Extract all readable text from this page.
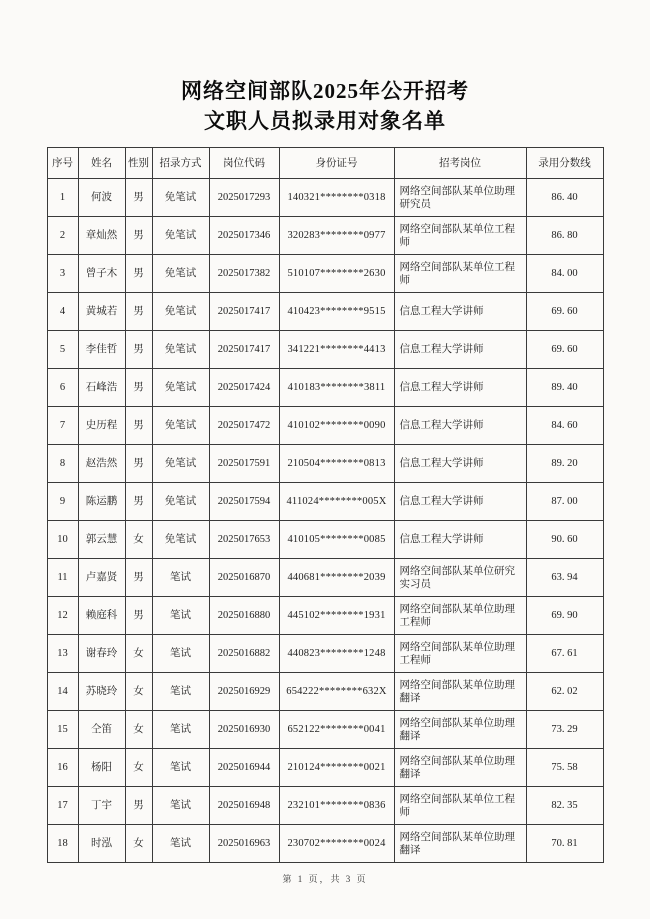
网络空间部队2025年公开招考
文职人员拟录用对象名单
序号	姓名	性别	招录方式	岗位代码	身份证号	招考岗位	录用分数线
1	何波	男	免笔试	2025017293	140321********0318	网络空间部队某单位助理研究员	86. 40
2	章灿然	男	免笔试	2025017346	320283********0977	网络空间部队某单位工程师	86. 80
3	曾子木	男	免笔试	2025017382	510107********2630	网络空间部队某单位工程师	84. 00
4	黄城若	男	免笔试	2025017417	410423********9515	信息工程大学讲师	69. 60
5	李佳哲	男	免笔试	2025017417	341221********4413	信息工程大学讲师	69. 60
6	石峰浩	男	免笔试	2025017424	410183********3811	信息工程大学讲师	89. 40
7	史历程	男	免笔试	2025017472	410102********0090	信息工程大学讲师	84. 60
8	赵浩然	男	免笔试	2025017591	210504********0813	信息工程大学讲师	89. 20
9	陈运鹏	男	免笔试	2025017594	411024********005X	信息工程大学讲师	87. 00
10	郭云慧	女	免笔试	2025017653	410105********0085	信息工程大学讲师	90. 60
11	卢嘉贤	男	笔试	2025016870	440681********2039	网络空间部队某单位研究实习员	63. 94
12	赖庭科	男	笔试	2025016880	445102********1931	网络空间部队某单位助理工程师	69. 90
13	谢春玲	女	笔试	2025016882	440823********1248	网络空间部队某单位助理工程师	67. 61
14	苏晓玲	女	笔试	2025016929	654222********632X	网络空间部队某单位助理翻译	62. 02
15	仝笛	女	笔试	2025016930	652122********0041	网络空间部队某单位助理翻译	73. 29
16	杨阳	女	笔试	2025016944	210124********0021	网络空间部队某单位助理翻译	75. 58
17	丁宇	男	笔试	2025016948	232101********0836	网络空间部队某单位工程师	82. 35
18	时泓	女	笔试	2025016963	230702********0024	网络空间部队某单位助理翻译	70. 81
第 1 页，共 3 页
